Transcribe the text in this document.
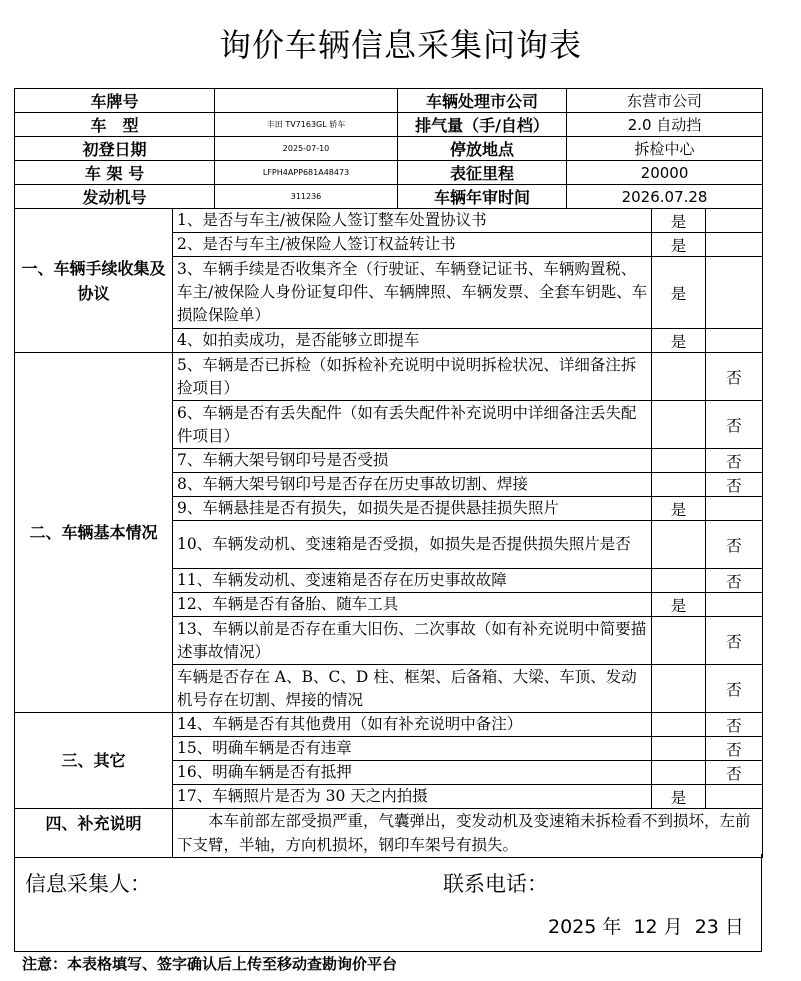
询价车辆信息采集问询表
车牌号			车辆处理市公司	东营市公司		
车　型		丰田 TV7163GL 轿车	排气量（手/自档）	2.0 自动挡		
初登日期		2025-07-10	停放地点	拆检中心		
车 架 号		LFPH4APP681A48473	表征里程	20000		
发动机号		311236	车辆年审时间	2026.07.28		
一、车辆手续收集及协议	1、是否与车主/被保险人签订整车处置协议书				是	
	2、是否与车主/被保险人签订权益转让书				是	
	3、车辆手续是否收集齐全（行驶证、车辆登记证书、车辆购置税、车主/被保险人身份证复印件、车辆牌照、车辆发票、全套车钥匙、车损险保险单）				是	
	4、如拍卖成功，是否能够立即提车				是	
二、车辆基本情况	5、车辆是否已拆检（如拆检补充说明中说明拆检状况、详细备注拆捡项目）					否
	6、车辆是否有丢失配件（如有丢失配件补充说明中详细备注丢失配件项目）					否
	7、车辆大架号钢印号是否受损					否
	8、车辆大架号钢印号是否存在历史事故切割、焊接					否
	9、车辆悬挂是否有损失，如损失是否提供悬挂损失照片				是	
	10、车辆发动机、变速箱是否受损，如损失是否提供损失照片是否					否
	11、车辆发动机、变速箱是否存在历史事故故障					否
	12、车辆是否有备胎、随车工具				是	
	13、车辆以前是否存在重大旧伤、二次事故（如有补充说明中简要描述事故情况）					否
	车辆是否存在 A、B、C、D 柱、框架、后备箱、大梁、车顶、发动机号存在切割、焊接的情况					否
三、其它	14、车辆是否有其他费用（如有补充说明中备注）					否
	15、明确车辆是否有违章					否
	16、明确车辆是否有抵押					否
	17、车辆照片是否为 30 天之内拍摄				是	
四、补充说明	　　本车前部左部受损严重，气囊弹出，变发动机及变速箱未拆检看不到损坏，左前下支臂，半轴，方向机损坏，钢印车架号有损失。					
信息采集人：	联系电话：
2025 年 12 月 23 日
注意：本表格填写、签字确认后上传至移动查勘询价平台
